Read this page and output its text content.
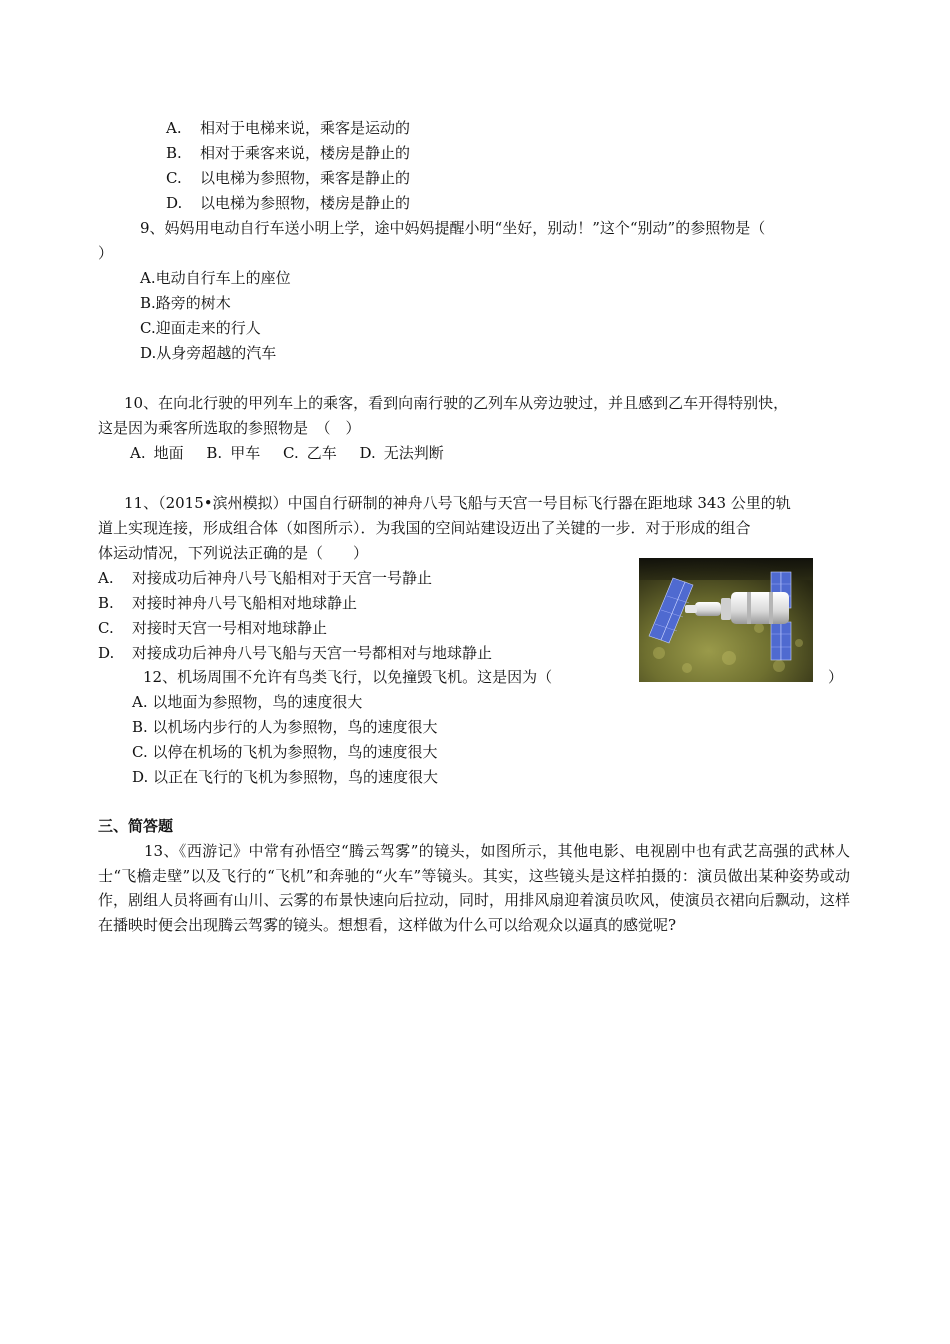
A.	相对于电梯来说，乘客是运动的
B.	相对于乘客来说，楼房是静止的
C.	以电梯为参照物，乘客是静止的
D.	以电梯为参照物，楼房是静止的
9、妈妈用电动自行车送小明上学，途中妈妈提醒小明“坐好，别动！”这个“别动”的参照物是（
）
A.电动自行车上的座位
B.路旁的树木
C.迎面走来的行人
D.从身旁超越的汽车
10、在向北行驶的甲列车上的乘客，看到向南行驶的乙列车从旁边驶过，并且感到乙车开得特别快，
这是因为乘客所选取的参照物是　（　）
A. 地面 B. 甲车 C. 乙车 D. 无法判断
11、（2015•滨州模拟）中国自行研制的神舟八号飞船与天宫一号目标飞行器在距地球 343 公里的轨
道上实现连接，形成组合体（如图所示）．为我国的空间站建设迈出了关键的一步．对于形成的组合
体运动情况，下列说法正确的是（　　）
A.	对接成功后神舟八号飞船相对于天宫一号静止
B.	对接时神舟八号飞船相对地球静止
C.	对接时天宫一号相对地球静止
D.	对接成功后神舟八号飞船与天宫一号都相对与地球静止
12、机场周围不允许有鸟类飞行，以免撞毁飞机。这是因为（	）
A. 以地面为参照物，鸟的速度很大
B. 以机场内步行的人为参照物，鸟的速度很大
C. 以停在机场的飞机为参照物，鸟的速度很大
D. 以正在飞行的飞机为参照物，鸟的速度很大
三、简答题
13、《西游记》中常有孙悟空“腾云驾雾”的镜头，如图所示，其他电影、电视剧中也有武艺高强的武林人士“飞檐走壁”以及飞行的“飞机”和奔驰的“火车”等镜头。其实，这些镜头是这样拍摄的：演员做出某种姿势或动作，剧组人员将画有山川、云雾的布景快速向后拉动，同时，用排风扇迎着演员吹风，使演员衣裙向后飘动，这样在播映时便会出现腾云驾雾的镜头。想想看，这样做为什么可以给观众以逼真的感觉呢?
